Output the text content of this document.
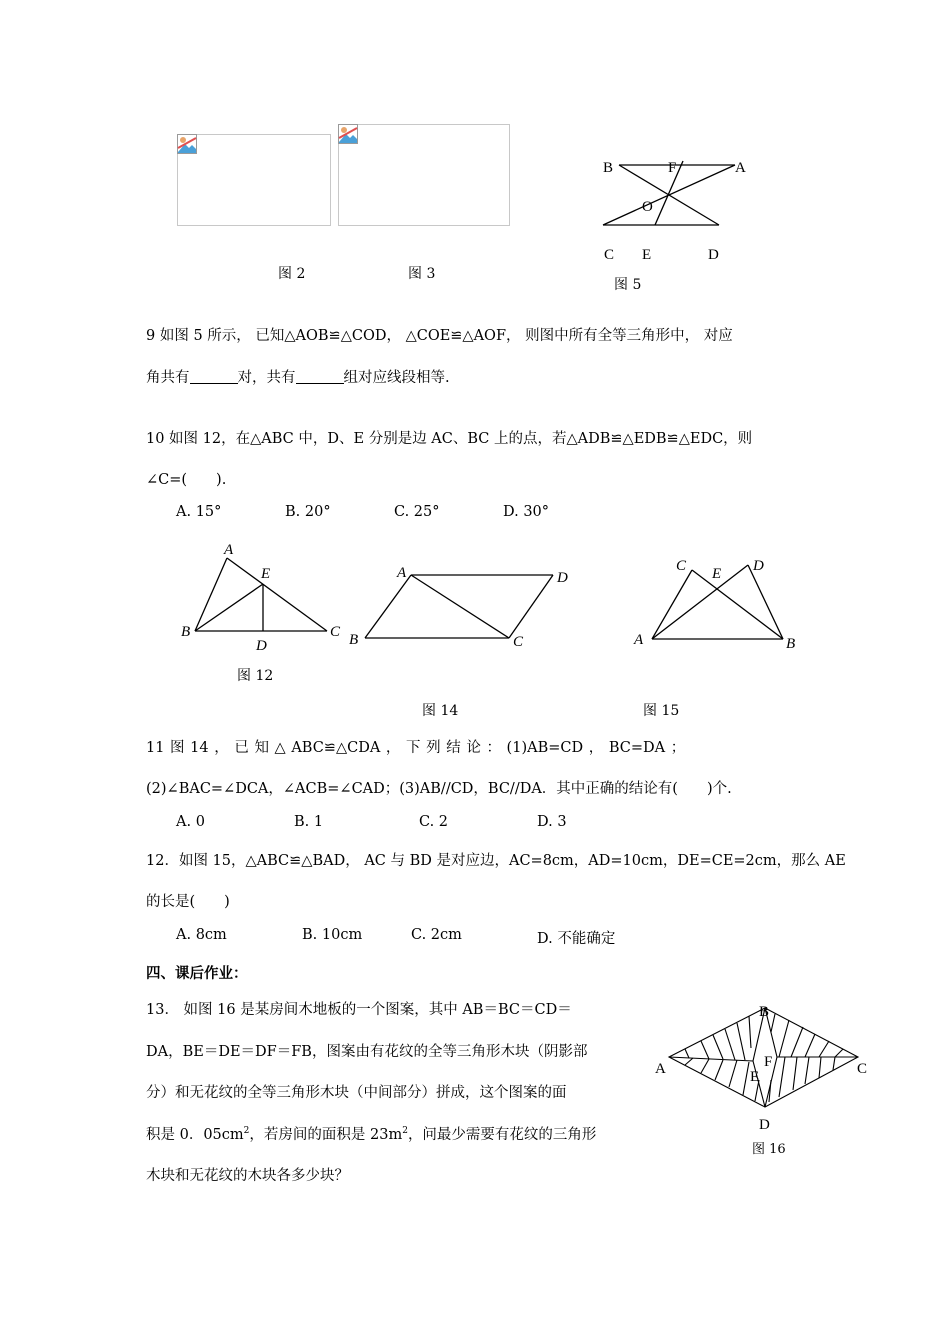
图 2	图 3
B	F	A
O
C E	D
图 5
9 如图 5 所示， 已知△AOB≌△COD， △COE≌△AOF， 则图中所有全等三角形中， 对应
角共有	对，共有	组对应线段相等.
10 如图 12，在△ABC 中，D、E 分别是边 AC、BC 上的点，若△ADB≌△EDB≌△EDC，则
∠C=(　　).
A. 15°	B. 20°	C. 25°	D. 30°
A
E
B
D
C
图 12
A	D
B	C
图 14
C E D
A	B
图 15
11 图 14 ， 已 知 △ ABC≌△CDA ， 下 列 结 论 ： (1)AB=CD ， BC=DA ；
(2)∠BAC=∠DCA，∠ACB=∠CAD；(3)AB//CD，BC//DA．其中正确的结论有(　　)个.
A. 0	B. 1	C. 2	D. 3
12．如图 15，△ABC≌△BAD， AC 与 BD 是对应边，AC=8cm，AD=10cm，DE=CE=2cm，那么 AE
的长是(　　)
A. 8cm	B. 10cm	C. 2cm	D. 不能确定
四、课后作业：
13． 如图 16 是某房间木地板的一个图案，其中 AB＝BC＝CD＝
DA，BE＝DE＝DF＝FB，图案由有花纹的全等三角形木块（阴影部
分）和无花纹的全等三角形木块（中间部分）拼成，这个图案的面
积是 0．$05cm^2$，若房间的面积是 $23m^2$，问最少需要有花纹的三角形
木块和无花纹的木块各多少块？
B
A	F
E	C
D
图 16
